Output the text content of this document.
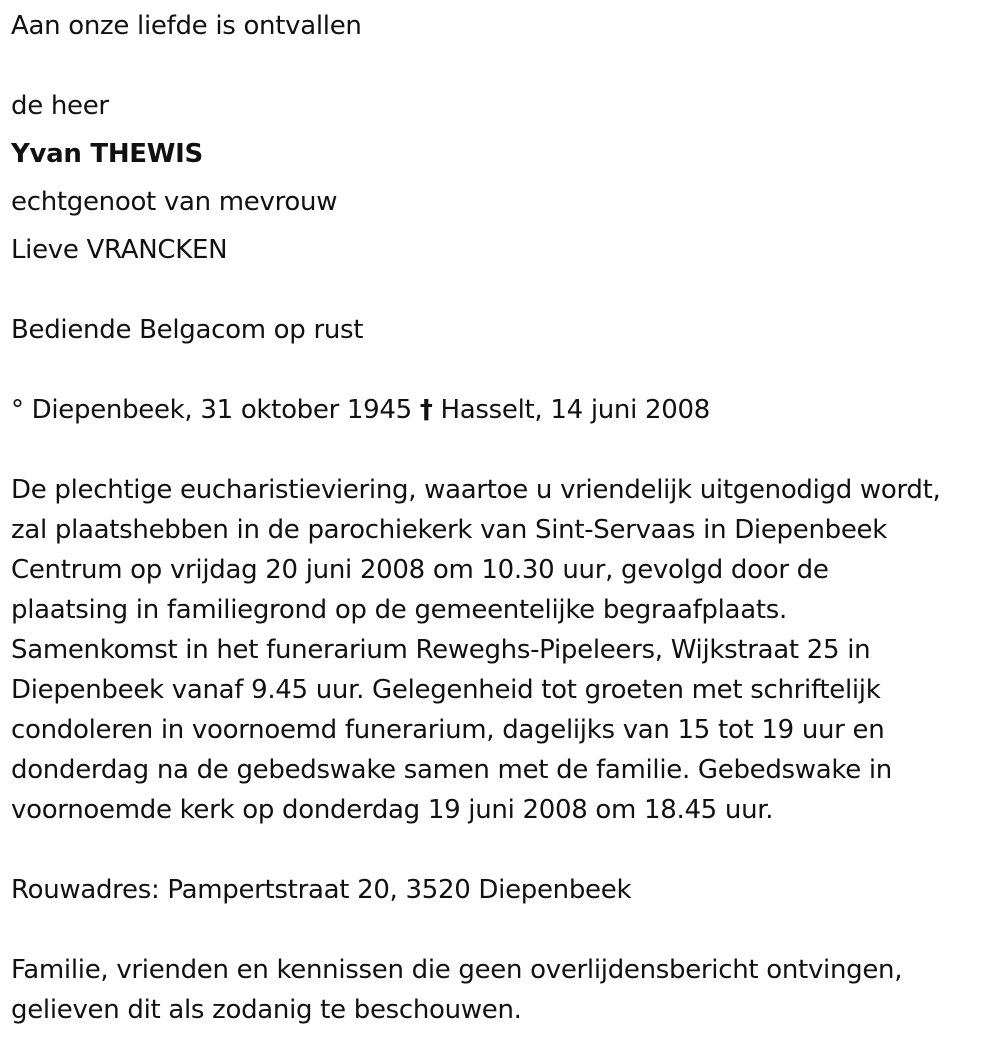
Aan onze liefde is ontvallen
de heer
Yvan THEWIS
echtgenoot van mevrouw
Lieve VRANCKEN
Bediende Belgacom op rust
° Diepenbeek, 31 oktober 1945 † Hasselt, 14 juni 2008
De plechtige eucharistieviering, waartoe u vriendelijk uitgenodigd wordt,
zal plaatshebben in de parochiekerk van Sint-Servaas in Diepenbeek
Centrum op vrijdag 20 juni 2008 om 10.30 uur, gevolgd door de
plaatsing in familiegrond op de gemeentelijke begraafplaats.
Samenkomst in het funerarium Reweghs-Pipeleers, Wijkstraat 25 in
Diepenbeek vanaf 9.45 uur. Gelegenheid tot groeten met schriftelijk
condoleren in voornoemd funerarium, dagelijks van 15 tot 19 uur en
donderdag na de gebedswake samen met de familie. Gebedswake in
voornoemde kerk op donderdag 19 juni 2008 om 18.45 uur.
Rouwadres: Pampertstraat 20, 3520 Diepenbeek
Familie, vrienden en kennissen die geen overlijdensbericht ontvingen,
gelieven dit als zodanig te beschouwen.
